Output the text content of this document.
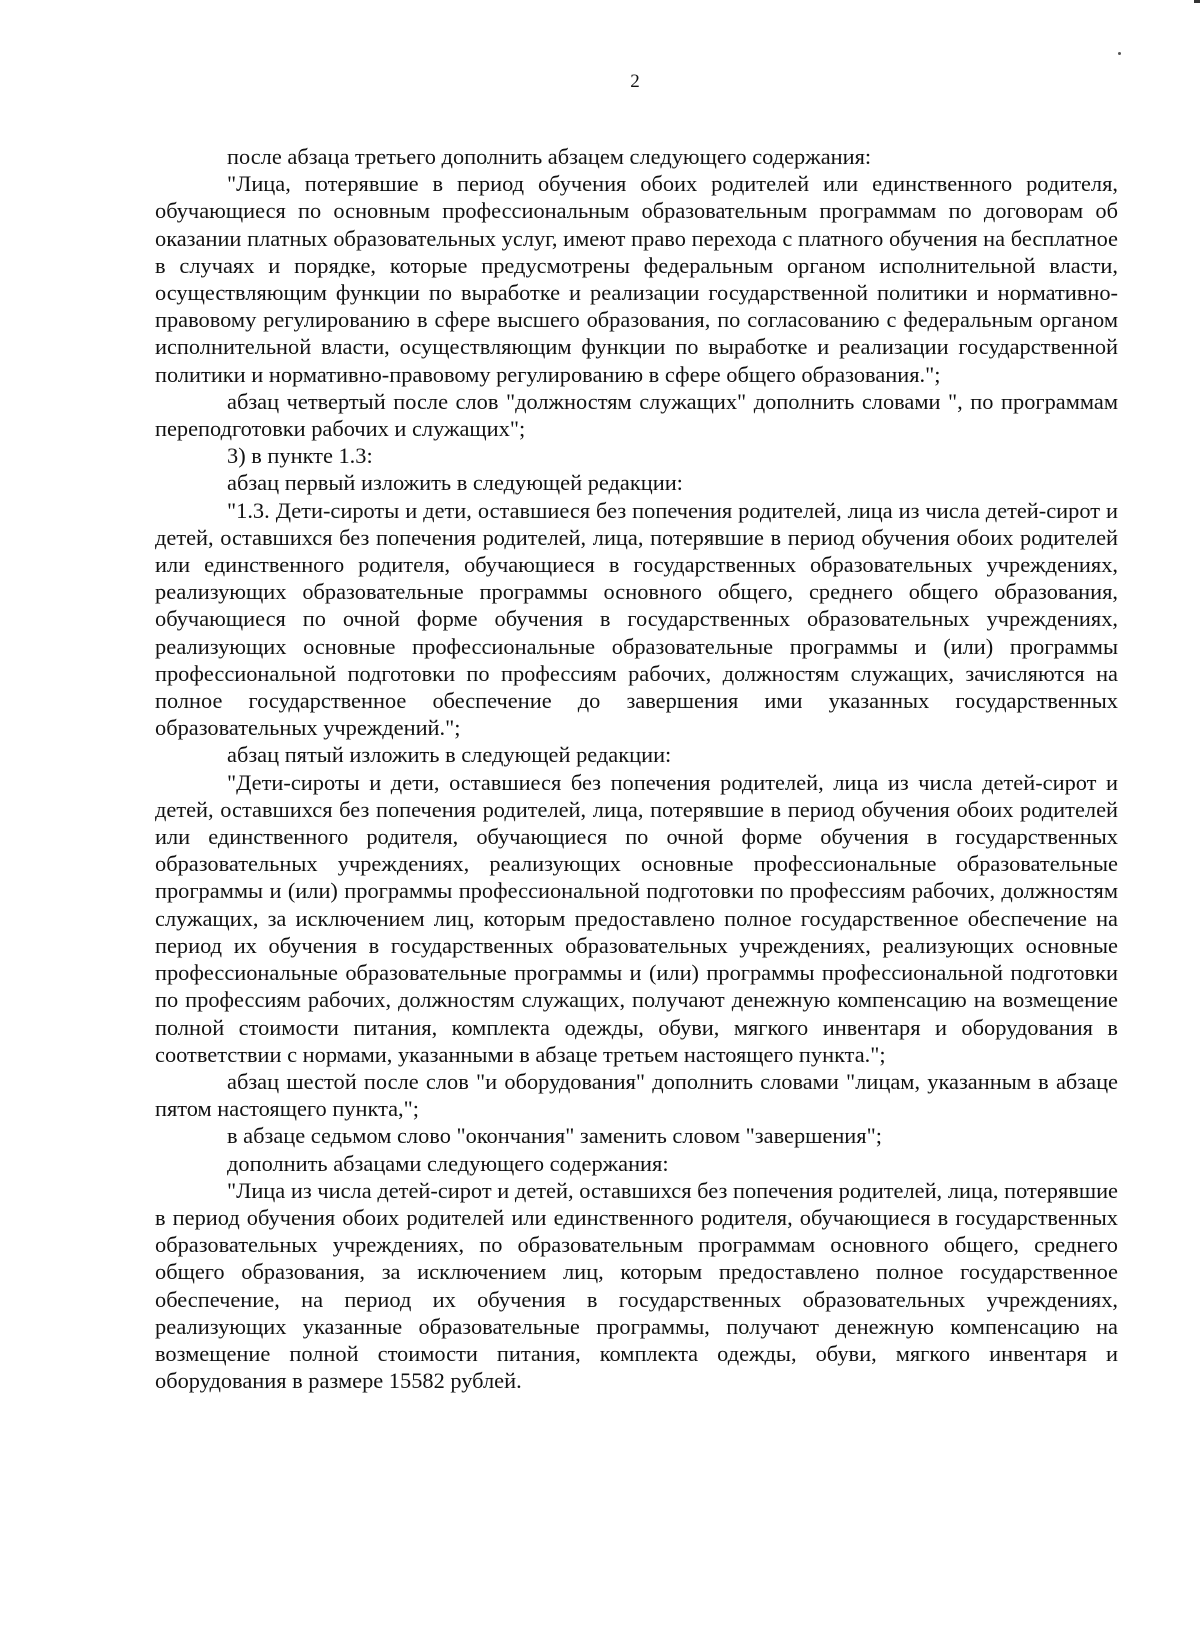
2

после абзаца третьего дополнить абзацем следующего содержания:

"Лица, потерявшие в период обучения обоих родителей или единственного родителя, обучающиеся по основным профессиональным образовательным программам по договорам об оказании платных образовательных услуг, имеют право перехода с платного обучения на бесплатное в случаях и порядке, которые предусмотрены федеральным органом исполнительной власти, осуществляющим функции по выработке и реализации государственной политики и нормативно-правовому регулированию в сфере высшего образования, по согласованию с федеральным органом исполнительной власти, осуществляющим функции по выработке и реализации государственной политики и нормативно-правовому регулированию в сфере общего образования.";

абзац четвертый после слов "должностям служащих" дополнить словами ", по программам переподготовки рабочих и служащих";

3) в пункте 1.3:

абзац первый изложить в следующей редакции:

"1.3. Дети-сироты и дети, оставшиеся без попечения родителей, лица из числа детей-сирот и детей, оставшихся без попечения родителей, лица, потерявшие в период обучения обоих родителей или единственного родителя, обучающиеся в государственных образовательных учреждениях, реализующих образовательные программы основного общего, среднего общего образования, обучающиеся по очной форме обучения в государственных образовательных учреждениях, реализующих основные профессиональные образовательные программы и (или) программы профессиональной подготовки по профессиям рабочих, должностям служащих, зачисляются на полное государственное обеспечение до завершения ими указанных государственных образовательных учреждений.";

абзац пятый изложить в следующей редакции:

"Дети-сироты и дети, оставшиеся без попечения родителей, лица из числа детей-сирот и детей, оставшихся без попечения родителей, лица, потерявшие в период обучения обоих родителей или единственного родителя, обучающиеся по очной форме обучения в государственных образовательных учреждениях, реализующих основные профессиональные образовательные программы и (или) программы профессиональной подготовки по профессиям рабочих, должностям служащих, за исключением лиц, которым предоставлено полное государственное обеспечение на период их обучения в государственных образовательных учреждениях, реализующих основные профессиональные образовательные программы и (или) программы профессиональной подготовки по профессиям рабочих, должностям служащих, получают денежную компенсацию на возмещение полной стоимости питания, комплекта одежды, обуви, мягкого инвентаря и оборудования в соответствии с нормами, указанными в абзаце третьем настоящего пункта.";

абзац шестой после слов "и оборудования" дополнить словами "лицам, указанным в абзаце пятом настоящего пункта,";

в абзаце седьмом слово "окончания" заменить словом "завершения";

дополнить абзацами следующего содержания:

"Лица из числа детей-сирот и детей, оставшихся без попечения родителей, лица, потерявшие в период обучения обоих родителей или единственного родителя, обучающиеся в государственных образовательных учреждениях, по образовательным программам основного общего, среднего общего образования, за исключением лиц, которым предоставлено полное государственное обеспечение, на период их обучения в государственных образовательных учреждениях, реализующих указанные образовательные программы, получают денежную компенсацию на возмещение полной стоимости питания, комплекта одежды, обуви, мягкого инвентаря и оборудования в размере 15582 рублей.
